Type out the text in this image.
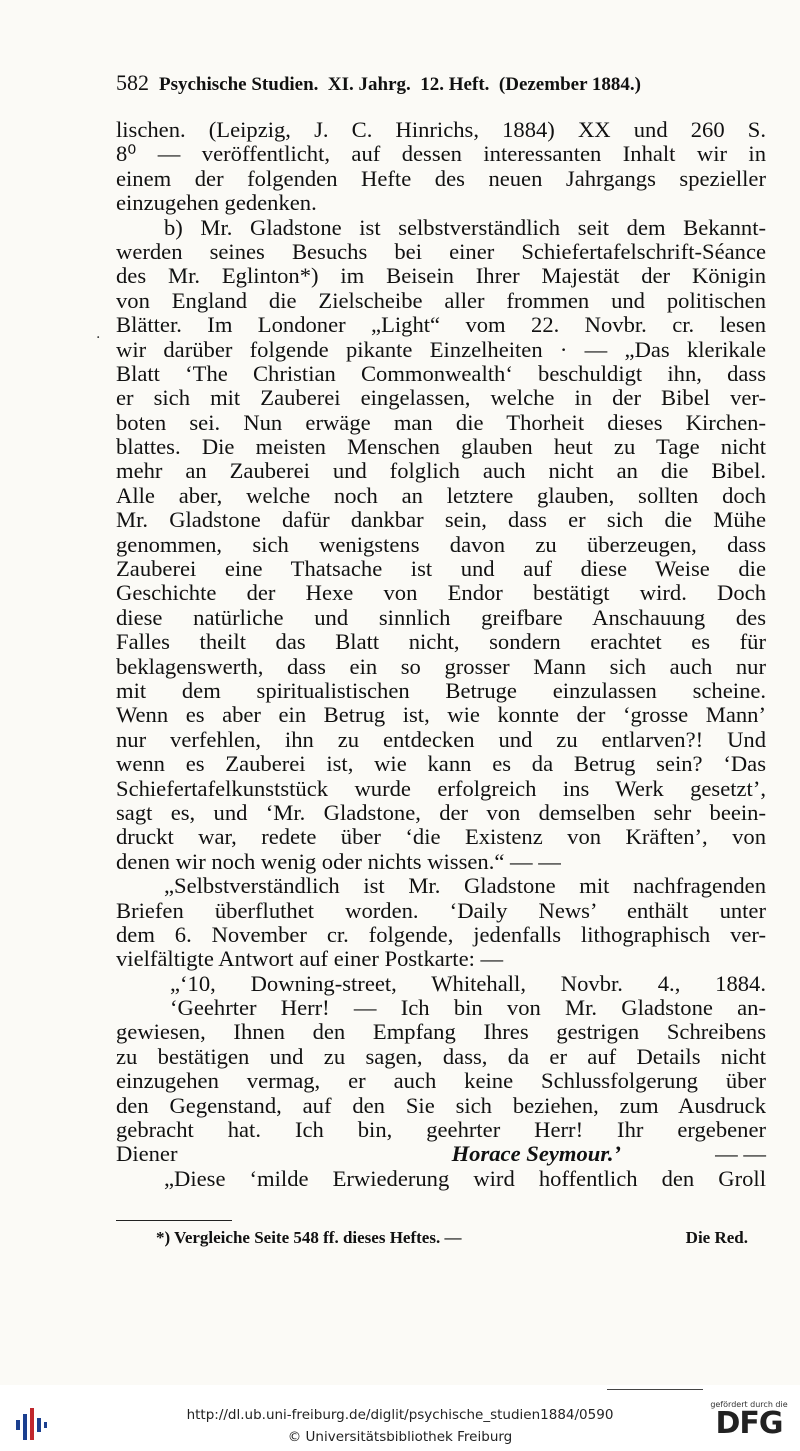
582 Psychische Studien.  XI. Jahrg.  12. Heft.  (Dezember 1884.)
·
lischen. (Leipzig, J. C. Hinrichs, 1884) XX und 260 S.
8⁰ — veröffentlicht, auf dessen interessanten Inhalt wir in
einem der folgenden Hefte des neuen Jahrgangs spezieller
einzugehen gedenken.
b) Mr. Gladstone ist selbstverständlich seit dem Bekannt-
werden seines Besuchs bei einer Schiefertafelschrift-Séance
des Mr. Eglinton*) im Beisein Ihrer Majestät der Königin
von England die Zielscheibe aller frommen und politischen
Blätter. Im Londoner „Light“ vom 22. Novbr. cr. lesen
wir darüber folgende pikante Einzelheiten · — „Das klerikale
Blatt ‘The Christian Commonwealth‘ beschuldigt ihn, dass
er sich mit Zauberei eingelassen, welche in der Bibel ver-
boten sei. Nun erwäge man die Thorheit dieses Kirchen-
blattes. Die meisten Menschen glauben heut zu Tage nicht
mehr an Zauberei und folglich auch nicht an die Bibel.
Alle aber, welche noch an letztere glauben, sollten doch
Mr. Gladstone dafür dankbar sein, dass er sich die Mühe
genommen, sich wenigstens davon zu überzeugen, dass
Zauberei eine Thatsache ist und auf diese Weise die
Geschichte der Hexe von Endor bestätigt wird. Doch
diese natürliche und sinnlich greifbare Anschauung des
Falles theilt das Blatt nicht, sondern erachtet es für
beklagenswerth, dass ein so grosser Mann sich auch nur
mit dem spiritualistischen Betruge einzulassen scheine.
Wenn es aber ein Betrug ist, wie konnte der ‘grosse Mann’
nur verfehlen, ihn zu entdecken und zu entlarven?! Und
wenn es Zauberei ist, wie kann es da Betrug sein? ‘Das
Schiefertafelkunststück wurde erfolgreich ins Werk gesetzt’,
sagt es, und ‘Mr. Gladstone, der von demselben sehr beein-
druckt war, redete über ‘die Existenz von Kräften’, von
denen wir noch wenig oder nichts wissen.“ — —
„Selbstverständlich ist Mr. Gladstone mit nachfragenden
Briefen überfluthet worden. ‘Daily News’ enthält unter
dem 6. November cr. folgende, jedenfalls lithographisch ver-
vielfältigte Antwort auf einer Postkarte: —
„‘10, Downing-street, Whitehall, Novbr. 4., 1884.
‘Geehrter Herr! — Ich bin von Mr. Gladstone an-
gewiesen, Ihnen den Empfang Ihres gestrigen Schreibens
zu bestätigen und zu sagen, dass, da er auf Details nicht
einzugehen vermag, er auch keine Schlussfolgerung über
den Gegenstand, auf den Sie sich beziehen, zum Ausdruck
gebracht hat. Ich bin, geehrter Herr! Ihr ergebener
Diener	Horace Seymour.’	— —
„Diese ‘milde Erwiederung wird hoffentlich den Groll
*) Vergleiche Seite 548 ff. dieses Heftes. —	Die Red.
http://dl.ub.uni-freiburg.de/diglit/psychische_studien1884/0590
© Universitätsbibliothek Freiburg
gefördert durch die
DFG
